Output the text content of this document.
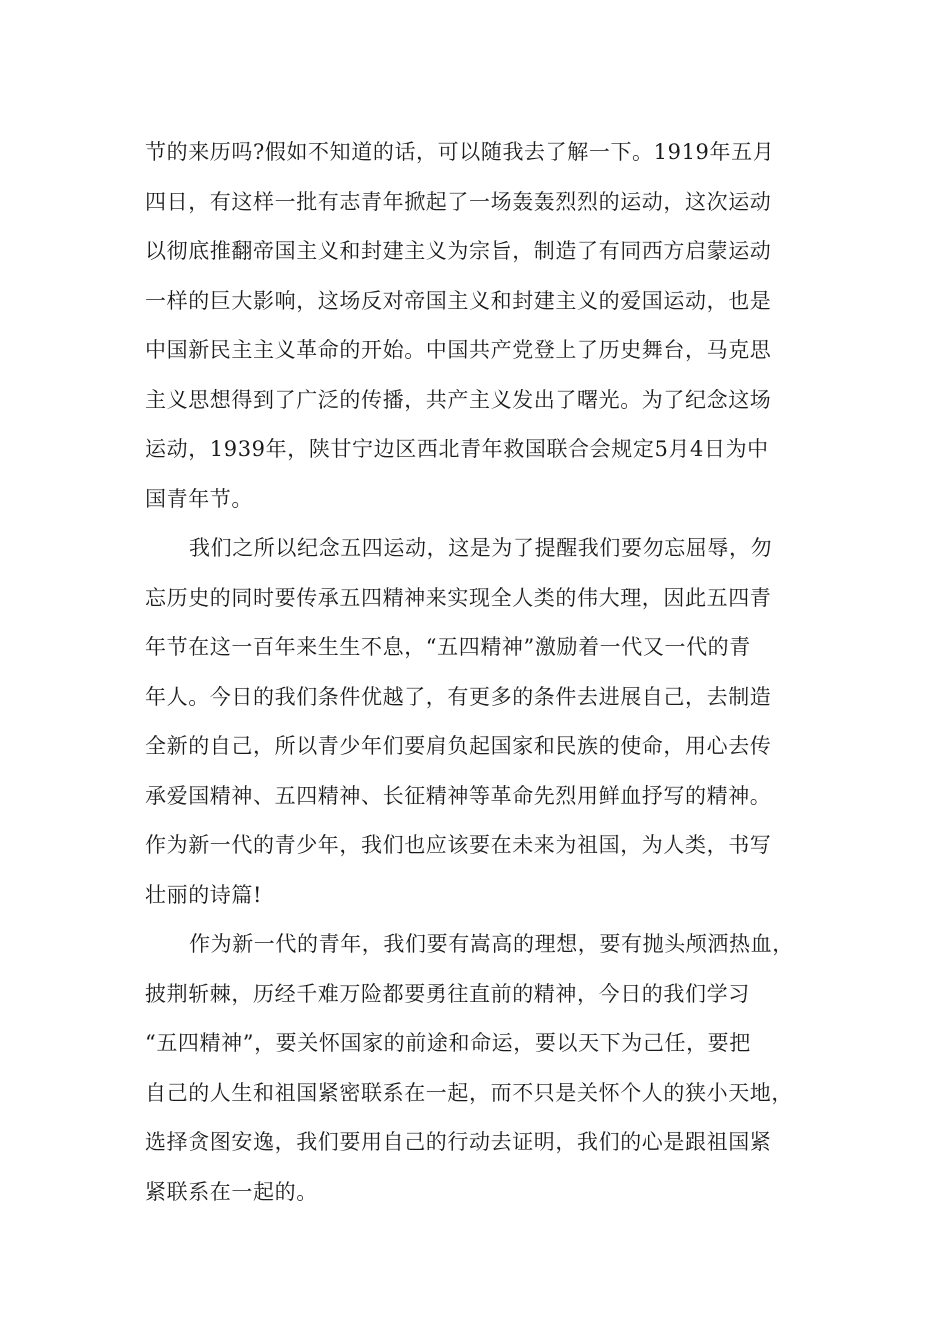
节的来历吗?假如不知道的话，可以随我去了解一下。1919年五月
四日，有这样一批有志青年掀起了一场轰轰烈烈的运动，这次运动
以彻底推翻帝国主义和封建主义为宗旨，制造了有同西方启蒙运动
一样的巨大影响，这场反对帝国主义和封建主义的爱国运动，也是
中国新民主主义革命的开始。中国共产党登上了历史舞台，马克思
主义思想得到了广泛的传播，共产主义发出了曙光。为了纪念这场
运动，1939年，陕甘宁边区西北青年救国联合会规定5月4日为中
国青年节。
我们之所以纪念五四运动，这是为了提醒我们要勿忘屈辱，勿
忘历史的同时要传承五四精神来实现全人类的伟大理，因此五四青
年节在这一百年来生生不息，“五四精神”激励着一代又一代的青
年人。今日的我们条件优越了，有更多的条件去进展自己，去制造
全新的自己，所以青少年们要肩负起国家和民族的使命，用心去传
承爱国精神、五四精神、长征精神等革命先烈用鲜血抒写的精神。
作为新一代的青少年，我们也应该要在未来为祖国，为人类，书写
壮丽的诗篇!
作为新一代的青年，我们要有嵩高的理想，要有抛头颅洒热血，
披荆斩棘，历经千难万险都要勇往直前的精神，今日的我们学习
“五四精神”，要关怀国家的前途和命运，要以天下为己任，要把
自己的人生和祖国紧密联系在一起，而不只是关怀个人的狭小天地，
选择贪图安逸，我们要用自己的行动去证明，我们的心是跟祖国紧
紧联系在一起的。
